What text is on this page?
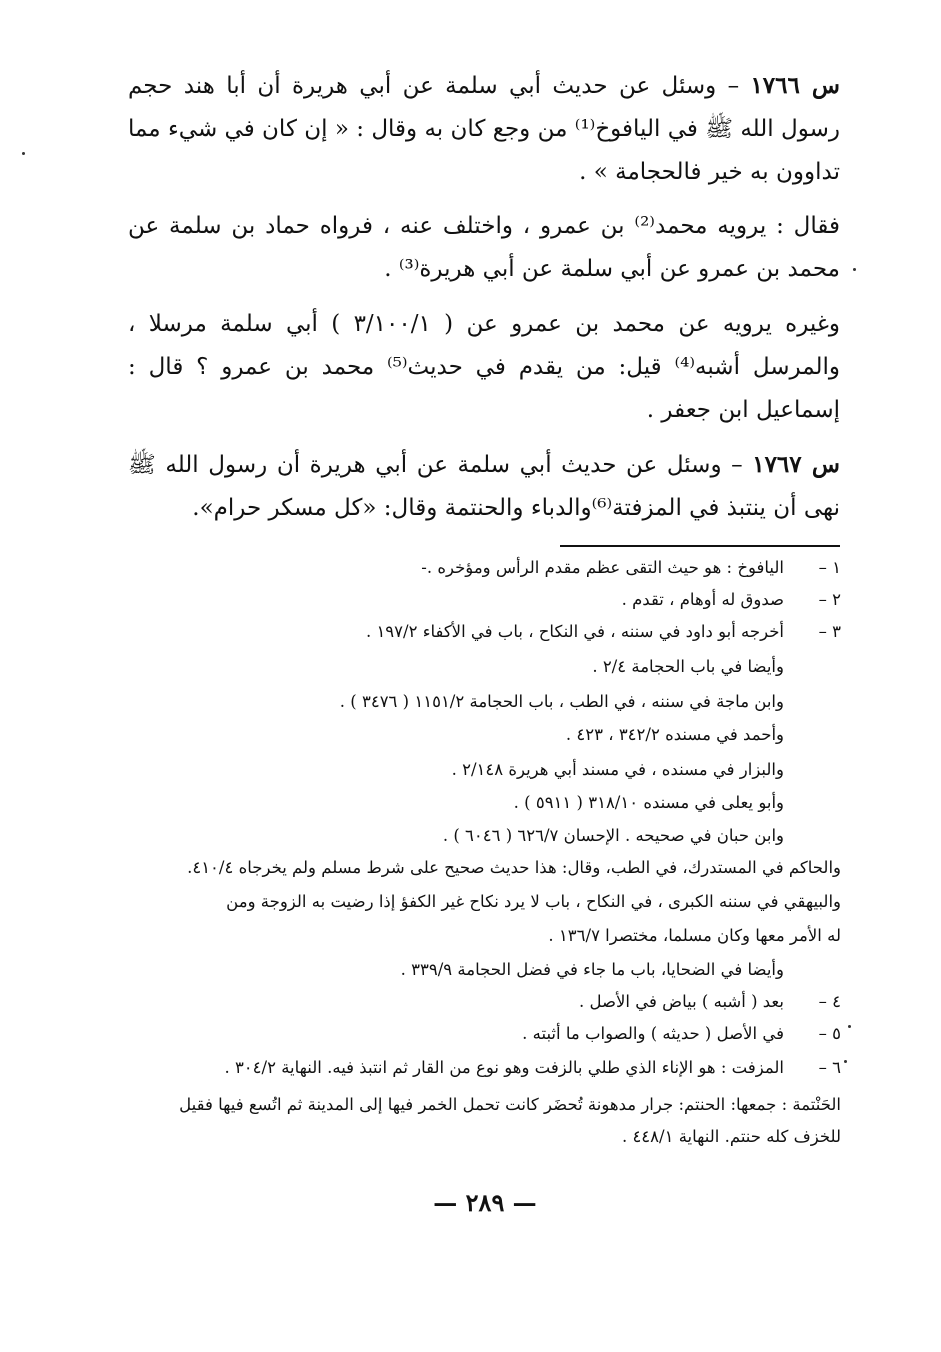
س ١٧٦٦ – وسئل عن حديث أبي سلمة عن أبي هريرة أن أبا هند حجم رسول الله ﷺ في اليافوخ⁽¹⁾ من وجع كان به وقال : « إن كان في شيء مما تداوون به خير فالحجامة » .
فقال : يرويه محمد⁽²⁾ بن عمرو ، واختلف عنه ، فرواه حماد بن سلمة عن محمد بن عمرو عن أبي سلمة عن أبي هريرة⁽³⁾ .
وغيره يرويه عن محمد بن عمرو عن ( ٣/١٠٠/١ ) أبي سلمة مرسلا ، والمرسل أشبه⁽⁴⁾ قيل: من يقدم في حديث⁽⁵⁾ محمد بن عمرو ؟ قال : إسماعيل ابن جعفر .
س ١٧٦٧ – وسئل عن حديث أبي سلمة عن أبي هريرة أن رسول الله ﷺ نهى أن ينتبذ في المزفتة⁽⁶⁾والدباء والحنتمة وقال: «كل مسكر حرام».
١ –
اليافوخ : هو حيث التقى عظم مقدم الرأس ومؤخره .-
٢ –
صدوق له أوهام ، تقدم .
٣ –
أخرجه أبو داود في سننه ، في النكاح ، باب في الأكفاء ١٩٧/٢ .
وأيضا في باب الحجامة ٢/٤ .
وابن ماجة في سننه ، في الطب ، باب الحجامة ١١٥١/٢ ( ٣٤٧٦ ) .
وأحمد في مسنده ٣٤٢/٢ ، ٤٢٣ .
والبزار في مسنده ، في مسند أبي هريرة ٢/١٤٨ .
وأبو يعلى في مسنده ٣١٨/١٠ ( ٥٩١١ ) .
وابن حبان في صحيحه . الإحسان ٦٢٦/٧ ( ٦٠٤٦ ) .
والحاكم في المستدرك، في الطب، وقال: هذا حديث صحيح على شرط مسلم ولم يخرجاه ٤١٠/٤.
والبيهقي في سننه الكبرى ، في النكاح ، باب لا يرد نكاح غير الكفؤ إذا رضيت به الزوجة ومن
له الأمر معها وكان مسلما، مختصرا ١٣٦/٧ .
وأيضا في الضحايا، باب ما جاء في فضل الحجامة ٣٣٩/٩ .
٤ –
بعد ( أشبه ) بياض في الأصل .
٥ –
في الأصل ( حديثه ) والصواب ما أثبته .
٦ –
المزفت : هو الإناء الذي طلي بالزفت وهو نوع من القار ثم انتبذ فيه. النهاية ٣٠٤/٢ .
الحَنْتمة : جمعها: الحنتم: جرار مدهونة تُحضَر كانت تحمل الخمر فيها إلى المدينة ثم اتُسع فيها فقيل
للخزف كله حنتم. النهاية ٤٤٨/١ .
— ٢٨٩ —
